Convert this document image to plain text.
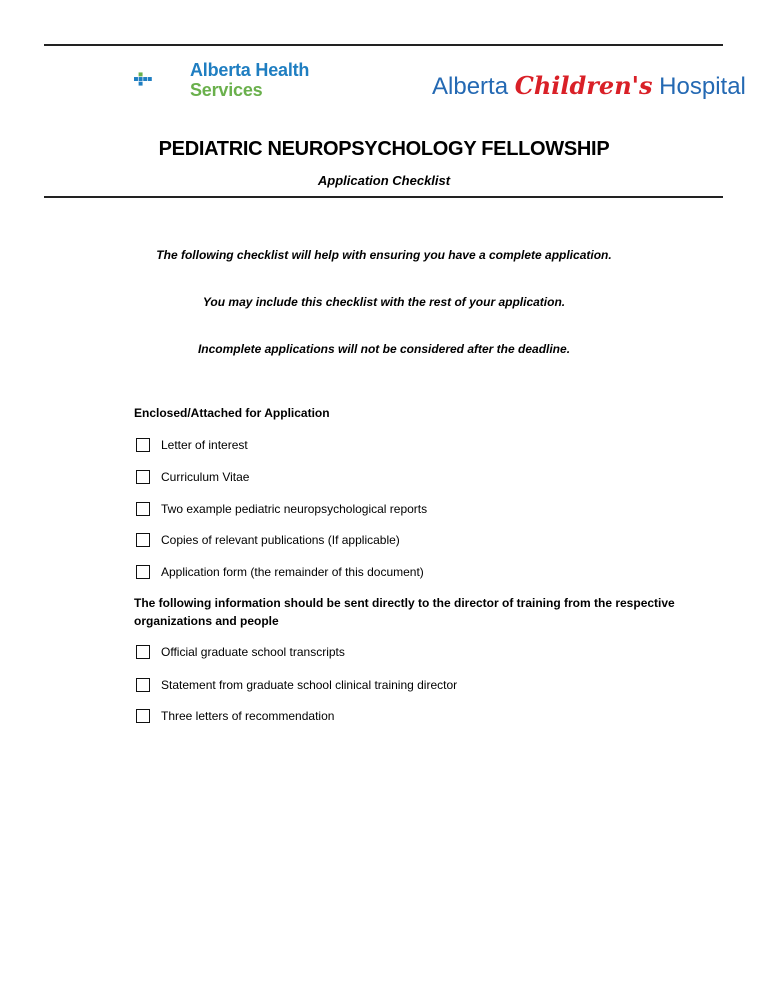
Alberta Health
Services	Alberta Children's Hospital
PEDIATRIC NEUROPSYCHOLOGY FELLOWSHIP
Application Checklist
The following checklist will help with ensuring you have a complete application.
You may include this checklist with the rest of your application.
Incomplete applications will not be considered after the deadline.
Enclosed/Attached for Application
Letter of interest
Curriculum Vitae
Two example pediatric neuropsychological reports
Copies of relevant publications (If applicable)
Application form (the remainder of this document)
The following information should be sent directly to the director of training from the respective organizations and people
Official graduate school transcripts
Statement from graduate school clinical training director
Three letters of recommendation
